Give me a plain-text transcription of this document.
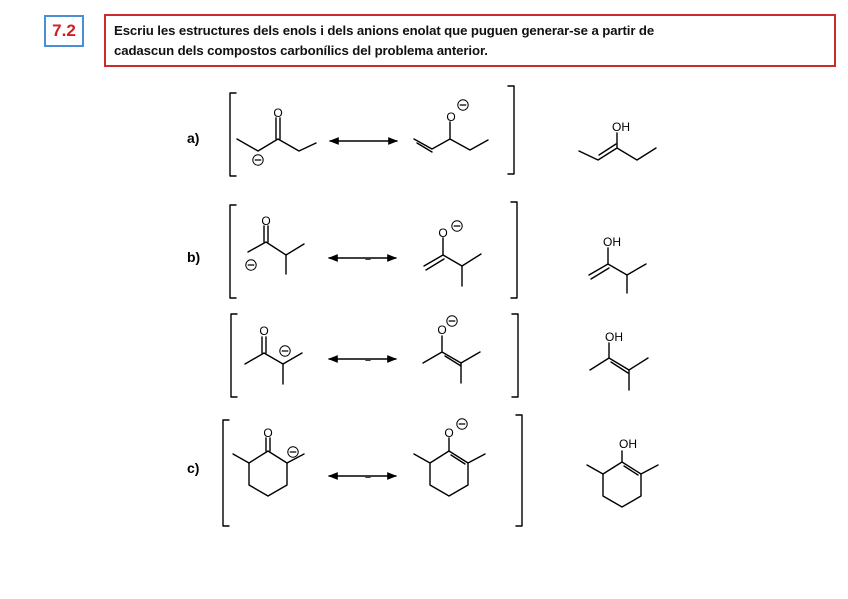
7.2	Escriu les estructures dels enols i dels anions enolat que puguen generar-se a partir de
cadascun dels compostos carbonílics del problema anterior.
a)
O	O
OH
b)
O
−
O
OH
O
−
O	OH
c)
O
−
O
OH
